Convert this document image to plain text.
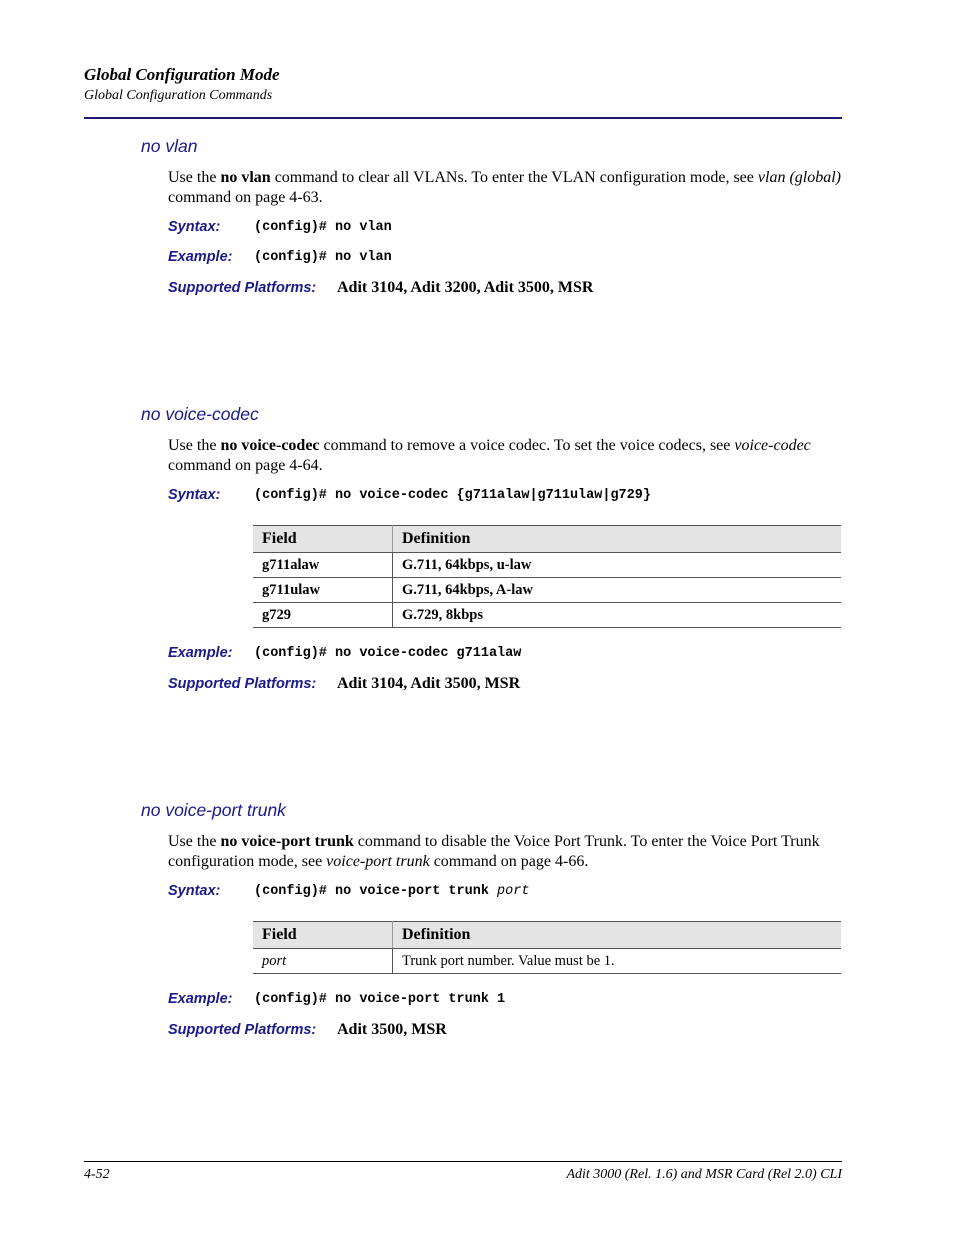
Global Configuration Mode
Global Configuration Commands
no vlan
Use the no vlan command to clear all VLANs. To enter the VLAN configuration mode, see vlan (global) command on page 4-63.
Syntax: (config)# no vlan
Example: (config)# no vlan
Supported Platforms: Adit 3104, Adit 3200, Adit 3500, MSR
no voice-codec
Use the no voice-codec command to remove a voice codec. To set the voice codecs, see voice-codec command on page 4-64.
Syntax: (config)# no voice-codec {g711alaw|g711ulaw|g729}
Field	Definition
g711alaw	G.711, 64kbps, u-law
g711ulaw	G.711, 64kbps, A-law
g729	G.729, 8kbps
Example: (config)# no voice-codec g711alaw
Supported Platforms: Adit 3104, Adit 3500, MSR
no voice-port trunk
Use the no voice-port trunk command to disable the Voice Port Trunk. To enter the Voice Port Trunk configuration mode, see voice-port trunk command on page 4-66.
Syntax: (config)# no voice-port trunk port
Field	Definition
port	Trunk port number. Value must be 1.
Example: (config)# no voice-port trunk 1
Supported Platforms: Adit 3500, MSR
4-52	Adit 3000 (Rel. 1.6) and MSR Card (Rel 2.0) CLI
